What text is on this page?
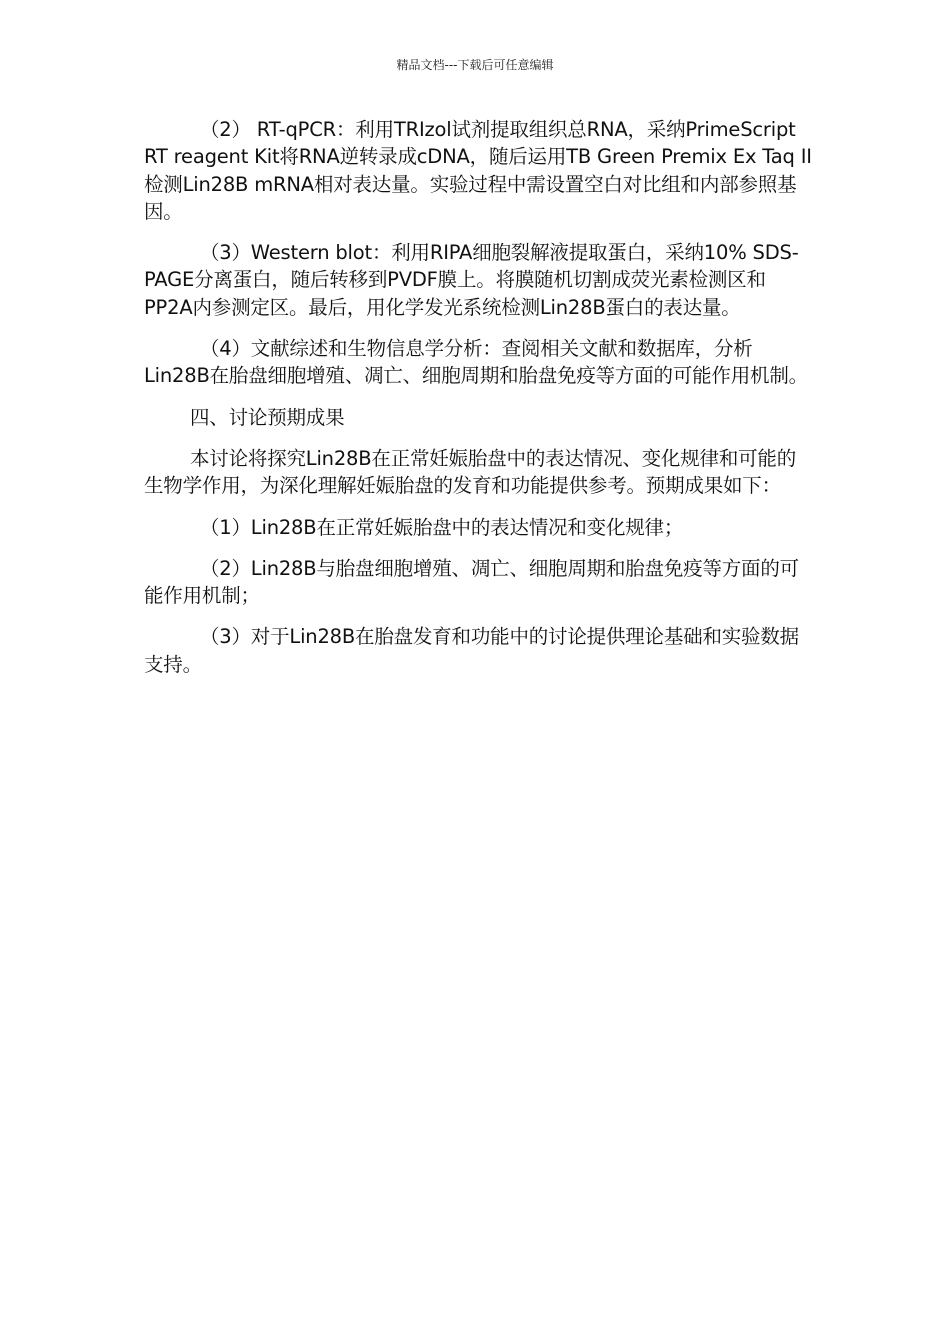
精品文档---下载后可任意编辑

（2） RT-qPCR：利用TRIzol试剂提取组织总RNA，采纳PrimeScript RT reagent Kit将RNA逆转录成cDNA，随后运用TB Green Premix Ex Taq II检测Lin28B mRNA相对表达量。实验过程中需设置空白对比组和内部参照基因。

（3）Western blot：利用RIPA细胞裂解液提取蛋白，采纳10% SDS-PAGE分离蛋白，随后转移到PVDF膜上。将膜随机切割成荧光素检测区和PP2A内参测定区。最后，用化学发光系统检测Lin28B蛋白的表达量。

（4）文献综述和生物信息学分析：查阅相关文献和数据库，分析Lin28B在胎盘细胞增殖、凋亡、细胞周期和胎盘免疫等方面的可能作用机制。

四、讨论预期成果

本讨论将探究Lin28B在正常妊娠胎盘中的表达情况、变化规律和可能的生物学作用，为深化理解妊娠胎盘的发育和功能提供参考。预期成果如下：

（1）Lin28B在正常妊娠胎盘中的表达情况和变化规律；

（2）Lin28B与胎盘细胞增殖、凋亡、细胞周期和胎盘免疫等方面的可能作用机制；

（3）对于Lin28B在胎盘发育和功能中的讨论提供理论基础和实验数据支持。
